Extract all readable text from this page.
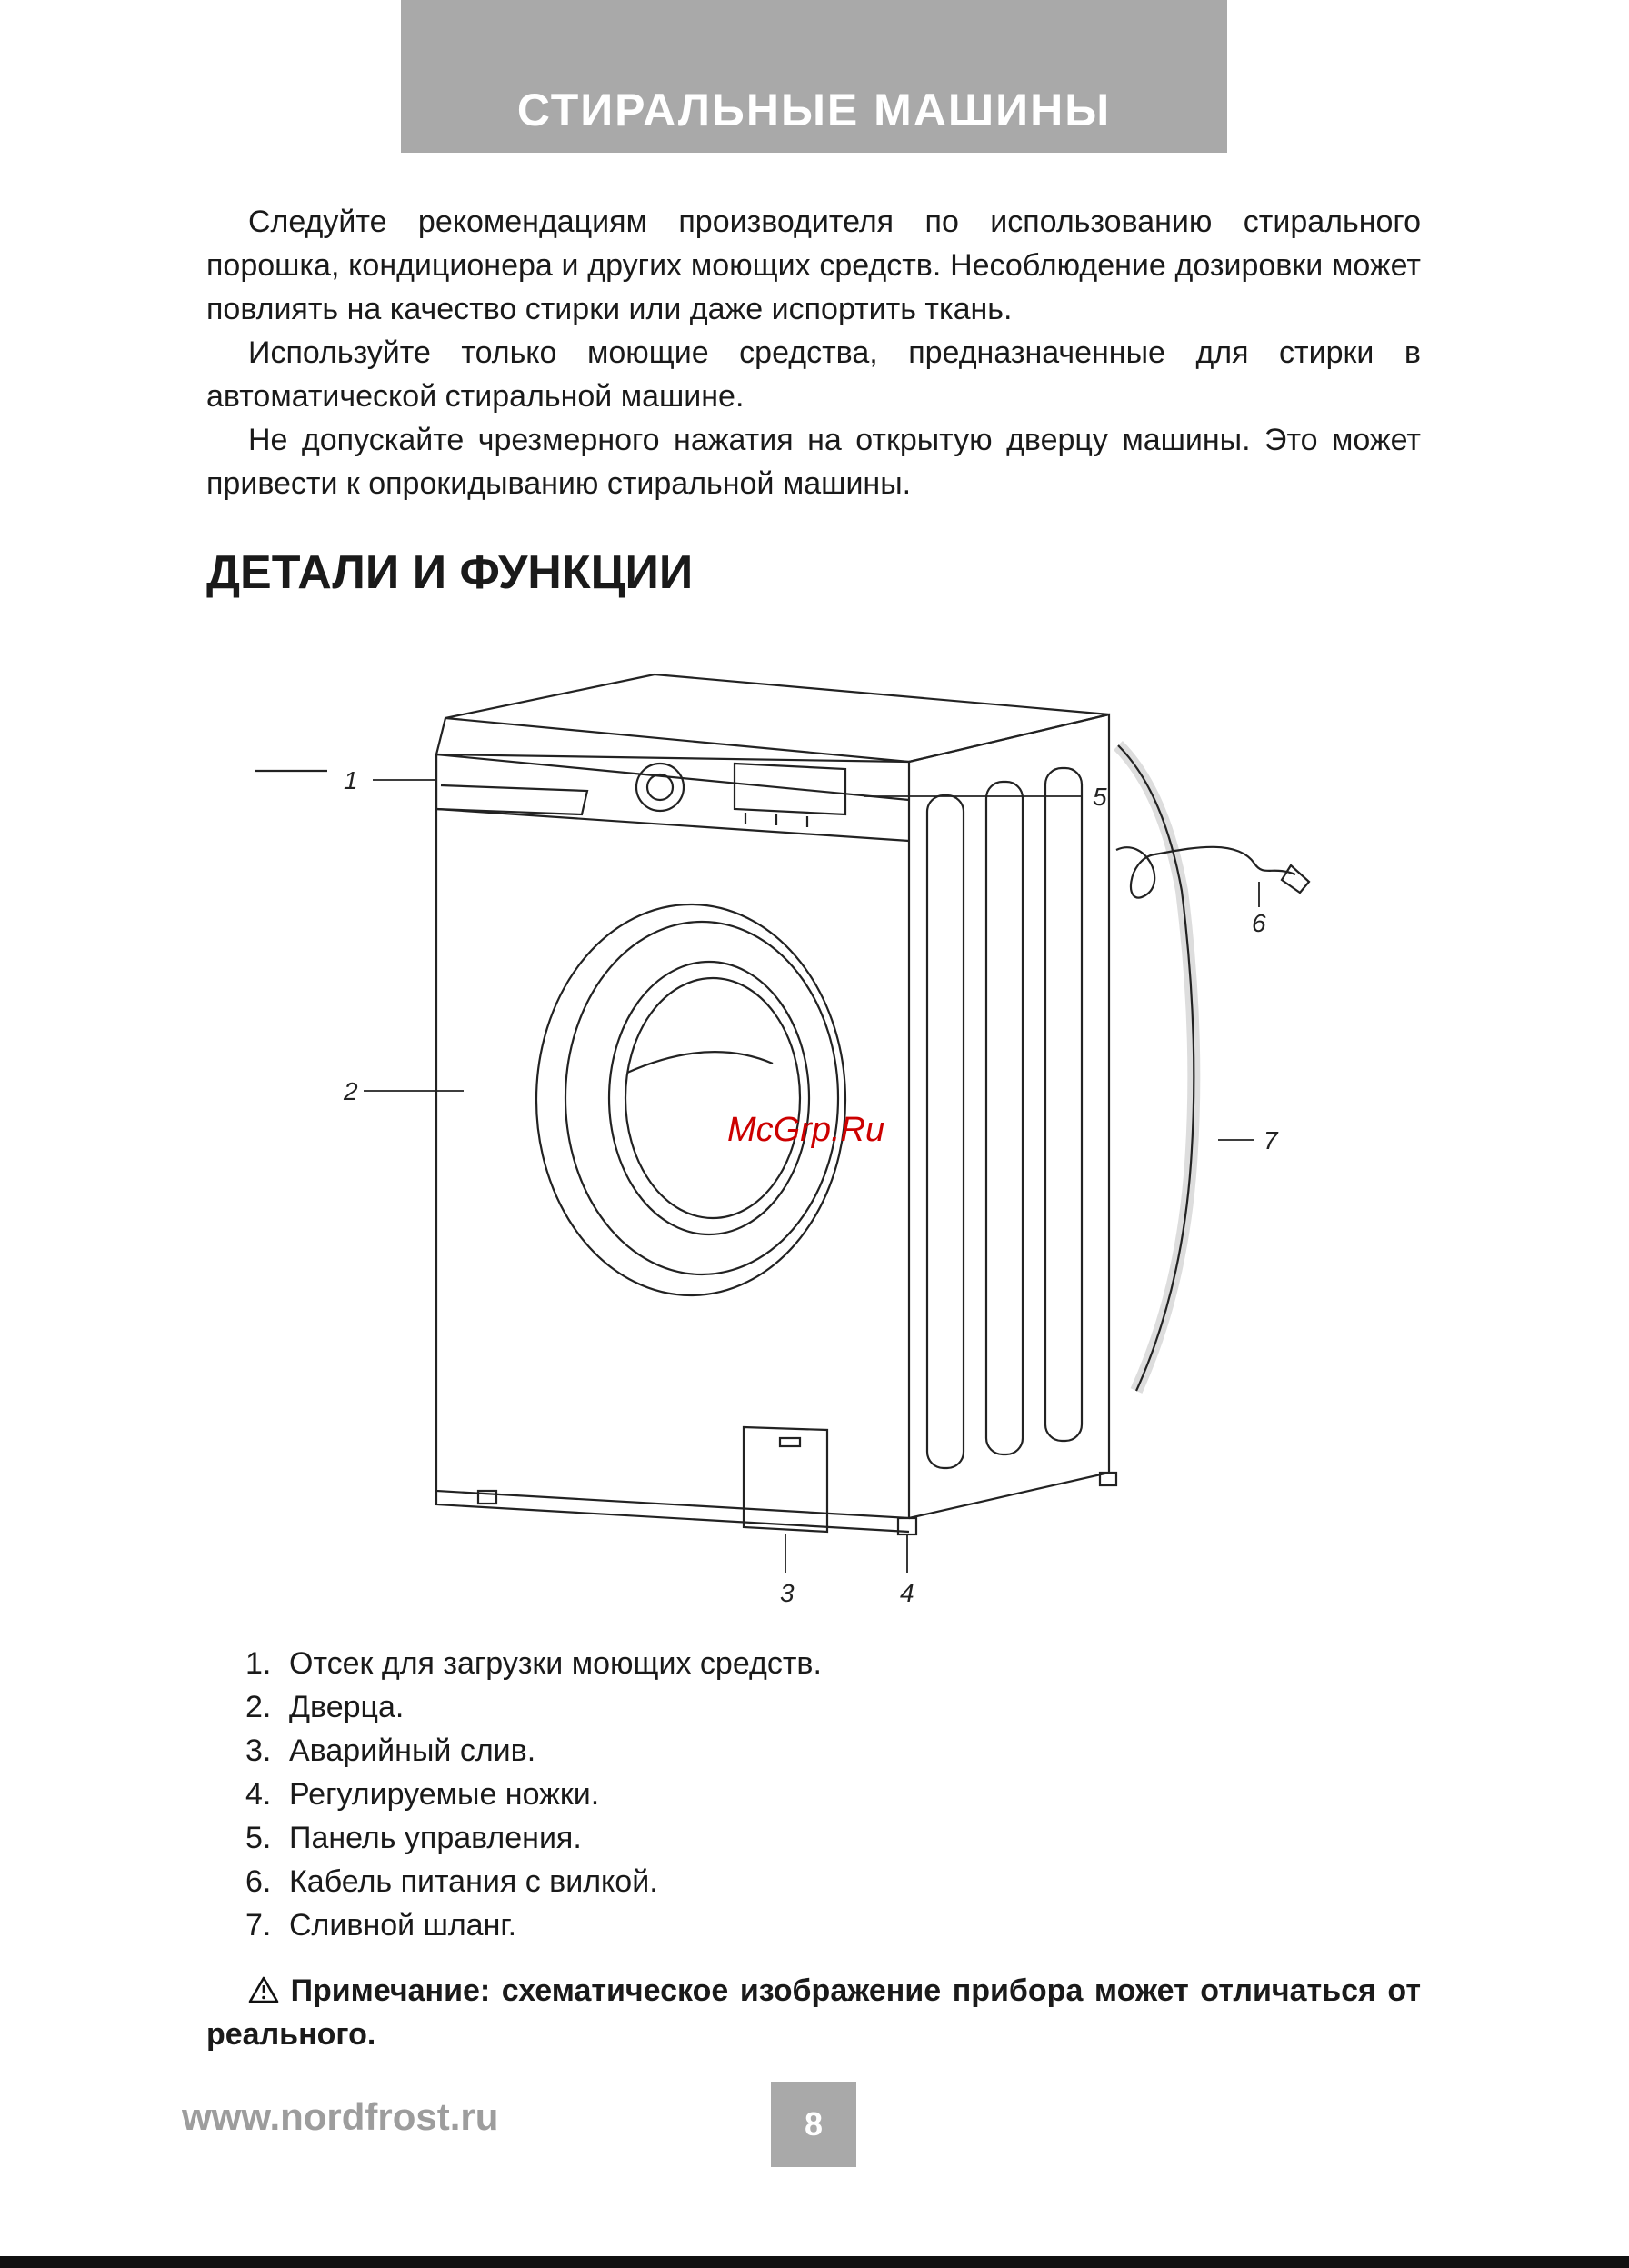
СТИРАЛЬНЫЕ МАШИНЫ

Следуйте рекомендациям производителя по использованию стирального порошка, кондиционера и других моющих средств. Несоблюдение дозировки может повлиять на качество стирки или даже испортить ткань.

Используйте только моющие средства, предназначенные для стирки в автоматической стиральной машине.

Не допускайте чрезмерного нажатия на открытую дверцу машины. Это может привести к опрокидыванию стиральной машины.

ДЕТАЛИ И ФУНКЦИИ
1
2
3	4
5
6
7
McGrp.Ru
1. Отсек для загрузки моющих средств.
2. Дверца.
3. Аварийный слив.
4. Регулируемые ножки.
5. Панель управления.
6. Кабель питания с вилкой.
7. Сливной шланг.
Примечание: схематическое изображение прибора может отличаться от реального.
www.nordfrost.ru	8
